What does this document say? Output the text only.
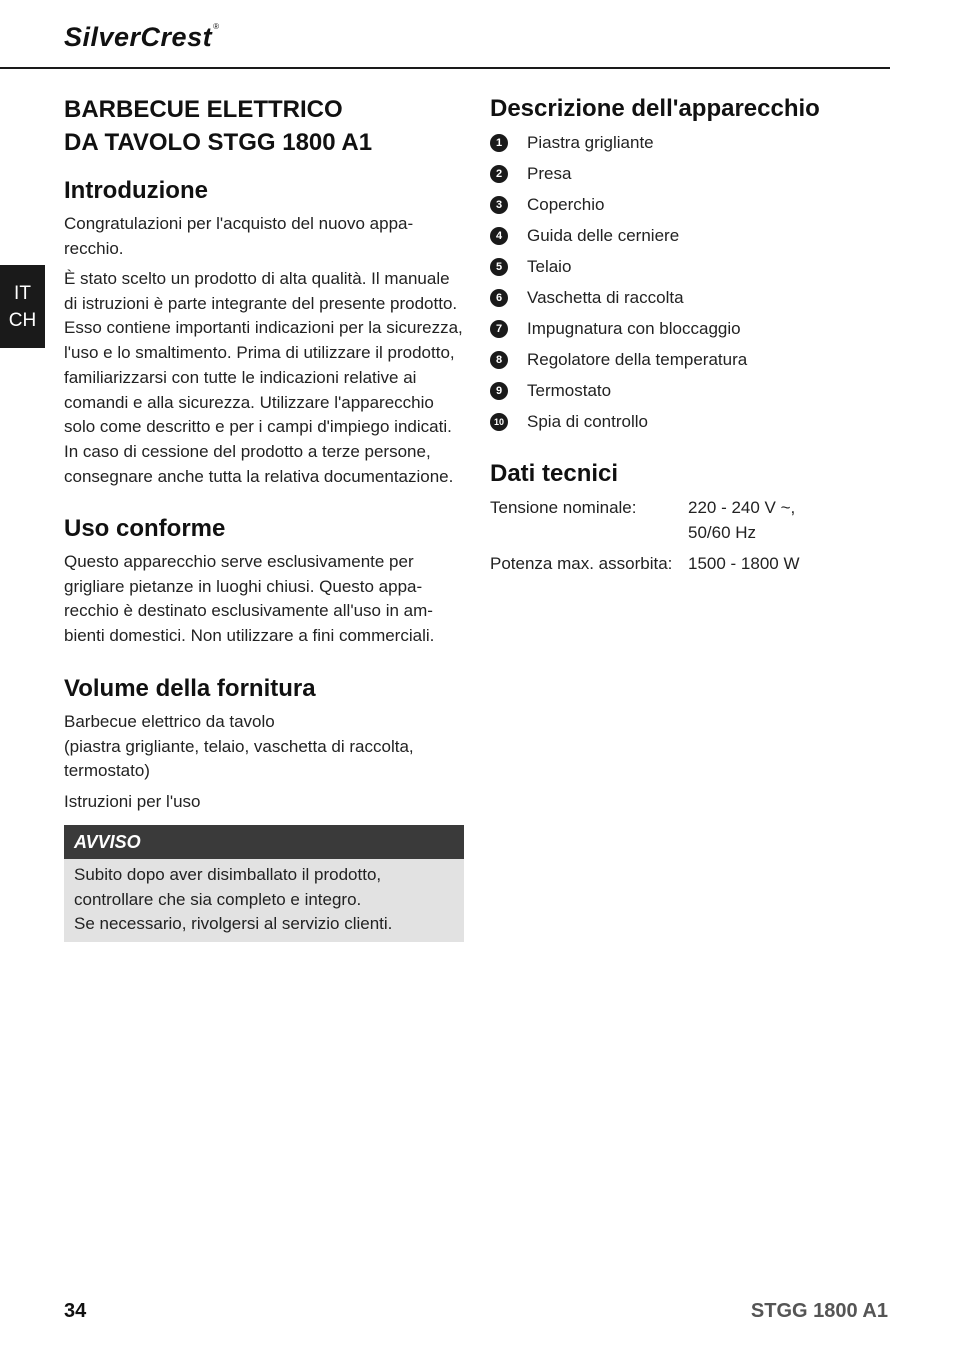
SilverCrest®
IT
CH
BARBECUE ELETTRICO
DA TAVOLO STGG 1800 A1
Introduzione

Congratulazioni per l'acquisto del nuovo appa-

recchio.

È stato scelto un prodotto di alta qualità. Il manuale

di istruzioni è parte integrante del presente prodotto.

Esso contiene importanti indicazioni per la sicurezza,

l'uso e lo smaltimento. Prima di utilizzare il prodotto,

familiarizzarsi con tutte le indicazioni relative ai

comandi e alla sicurezza. Utilizzare l'apparecchio

solo come descritto e per i campi d'impiego indicati.

In caso di cessione del prodotto a terze persone,

consegnare anche tutta la relativa documentazione.

Uso conforme

Questo apparecchio serve esclusivamente per

grigliare pietanze in luoghi chiusi. Questo appa-

recchio è destinato esclusivamente all'uso in am-

bienti domestici. Non utilizzare a fini commerciali.

Volume della fornitura

Barbecue elettrico da tavolo

(piastra grigliante, telaio, vaschetta di raccolta,

termostato)

Istruzioni per l'uso

AVVISO
Subito dopo aver disimballato il prodotto,
controllare che sia completo e integro.
Se necessario, rivolgersi al servizio clienti.
Descrizione dell'apparecchio
1	Piastra grigliante
2	Presa
3	Coperchio
4	Guida delle cerniere
5	Telaio
6	Vaschetta di raccolta
7	Impugnatura con bloccaggio
8	Regolatore della temperatura
9	Termostato
10 Spia di controllo
Dati tecnici
Tensione nominale:	220 - 240 V ~,
50/60 Hz
Potenza max. assorbita: 1500 - 1800 W
34	STGG 1800 A1
